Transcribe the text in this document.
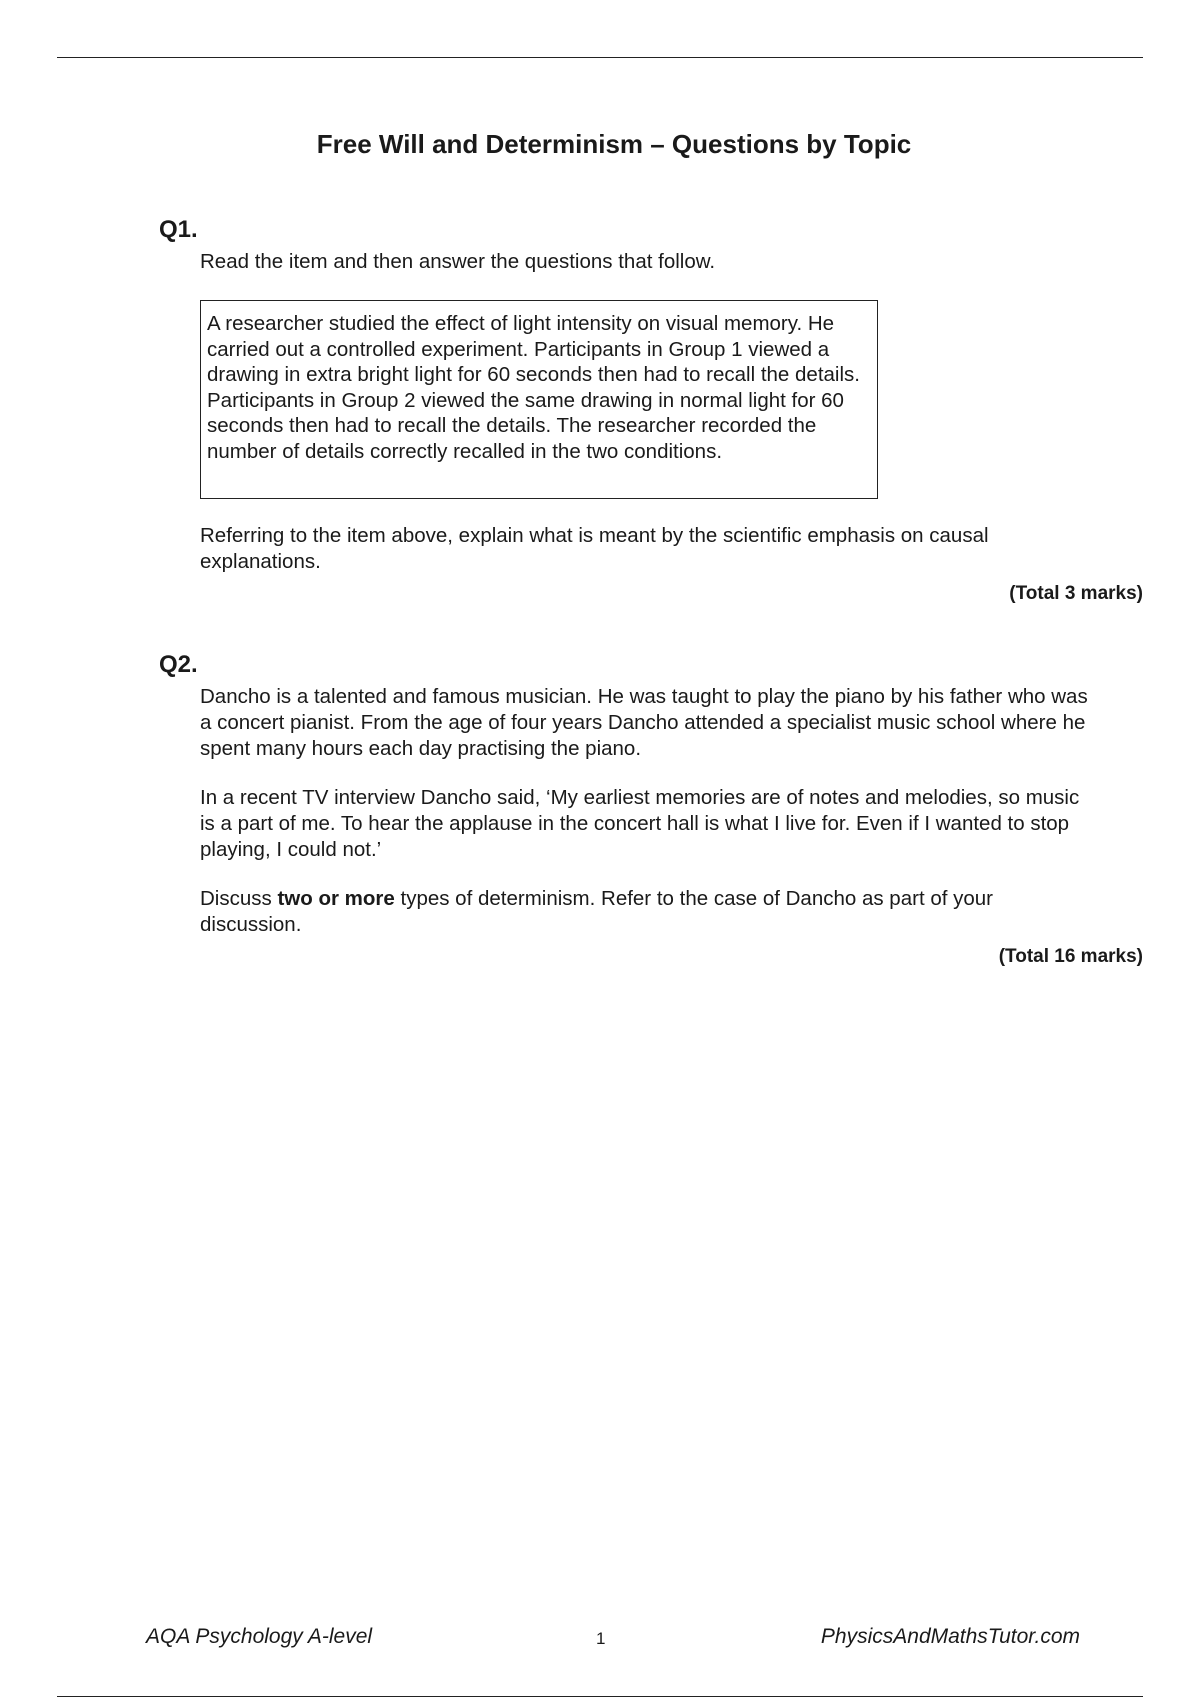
Free Will and Determinism – Questions by Topic

Q1.

Read the item and then answer the questions that follow.

A researcher studied the effect of light intensity on visual memory. He carried out a controlled experiment. Participants in Group 1 viewed a drawing in extra bright light for 60 seconds then had to recall the details. Participants in Group 2 viewed the same drawing in normal light for 60 seconds then had to recall the details. The researcher recorded the number of details correctly recalled in the two conditions.

Referring to the item above, explain what is meant by the scientific emphasis on causal explanations.

(Total 3 marks)

Q2.

Dancho is a talented and famous musician. He was taught to play the piano by his father who was a concert pianist. From the age of four years Dancho attended a specialist music school where he spent many hours each day practising the piano.

In a recent TV interview Dancho said, ‘My earliest memories are of notes and melodies, so music is a part of me. To hear the applause in the concert hall is what I live for. Even if I wanted to stop playing, I could not.’

Discuss two or more types of determinism. Refer to the case of Dancho as part of your discussion.

(Total 16 marks)

AQA Psychology A-level	1	PhysicsAndMathsTutor.com
